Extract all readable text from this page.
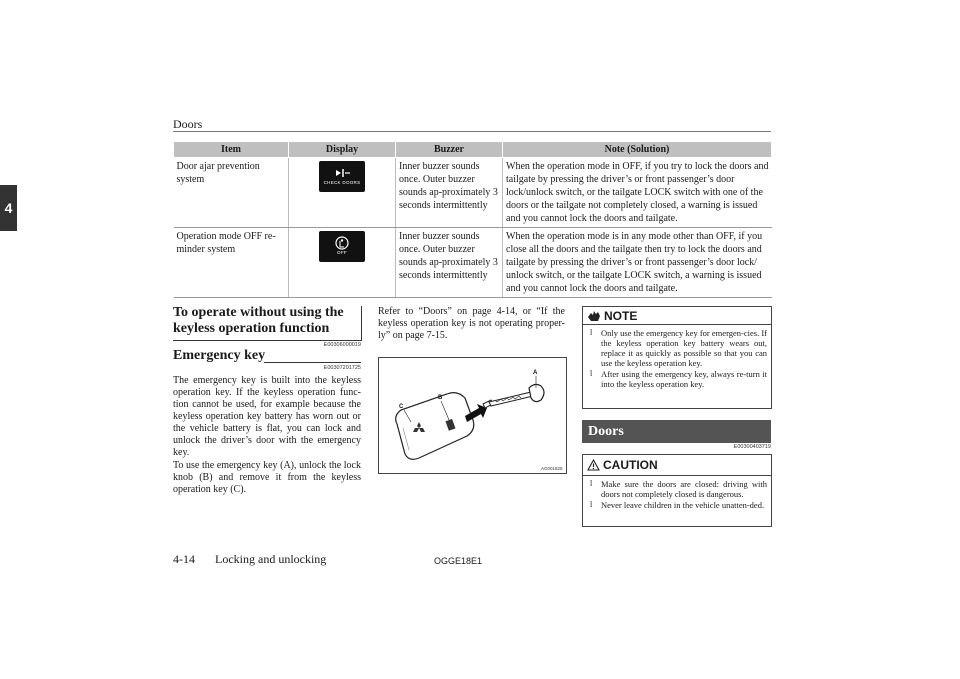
Doors
4
Item	Display	Buzzer	Note (Solution)
Door ajar prevention system	CHECK DOORS	Inner buzzer sounds once. Outer buzzer sounds ap-proximately 3 seconds intermittently	When the operation mode in OFF, if you try to lock the doors and tailgate by pressing the driver’s or front passenger’s door lock/unlock switch, or the tailgate LOCK switch with one of the doors or the tailgate not completely closed, a warning is issued and you cannot lock the doors and tailgate.
Operation mode OFF re-minder system	OFF	Inner buzzer sounds once. Outer buzzer sounds ap-proximately 3 seconds intermittently	When the operation mode is in any mode other than OFF, if you close all the doors and the tailgate then try to lock the doors and tailgate by pressing the driver’s or front passenger’s door lock/ unlock switch, or the tailgate LOCK switch, a warning is issued and you cannot lock the doors and tailgate.
To operate without using the keyless operation function
E00306000019
Emergency key
E00307201725
The emergency key is built into the keyless operation key. If the keyless operation func-tion cannot be used, for example because the keyless operation key battery has worn out or the vehicle battery is flat, you can lock and unlock the driver’s door with the emergency key.
To use the emergency key (A), unlock the lock knob (B) and remove it from the keyless operation key (C).
Refer to “Doors” on page 4-14, or “If the keyless operation key is not operating proper-ly” on page 7-15.
A
B
C
AG001825
NOTE
l Only use the emergency key for emergen-cies. If the keyless operation key battery wears out, replace it as quickly as possible so that you can use the keyless operation key.
l After using the emergency key, always re-turn it into the keyless operation key.
Doors
E00300403719
CAUTION
l Make sure the doors are closed: driving with doors not completely closed is dangerous.
l Never leave children in the vehicle unatten-ded.
4-14 Locking and unlocking	OGGE18E1
